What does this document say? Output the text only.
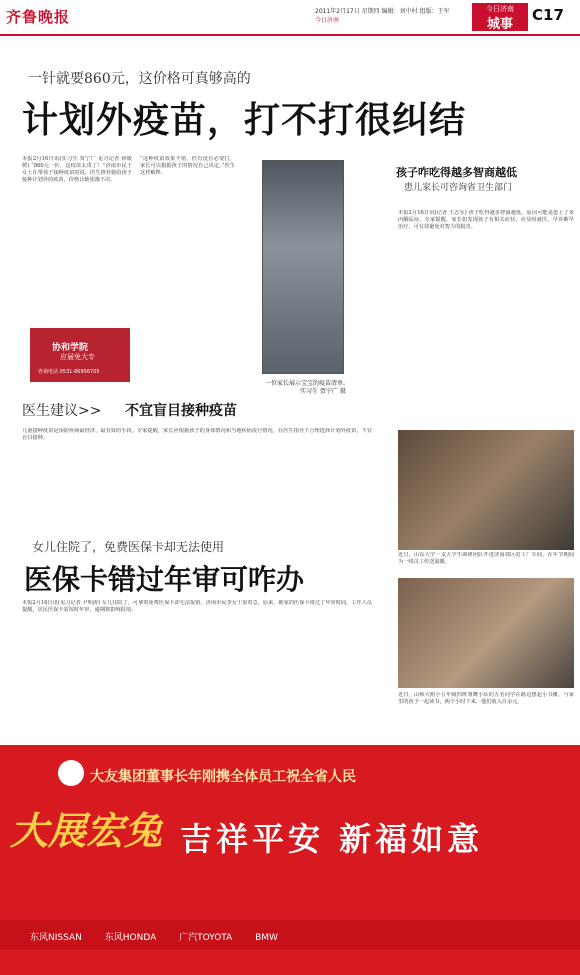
齐鲁晚报	2011年2月17日 星期四 编辑：刘中村 组版：王军
今日济南
今日济南
城事
C17
一针就要860元，这价格可真够高的
计划外疫苗，打不打很纠结
本报2月16日讯(实习生 贾宁广 见习记者 林媛媛) “860元一针，这疫苗太贵了！”济南市民王女士在带孩子接种疫苗时说，医生推荐她给孩子接种计划外的疫苗，价格让她犹豫不决。
“这种疫苗效果不错，但有没有必要打，家长可以根据孩子的情况自己决定。”医生这样解释。
一位家长展示宝宝的疫苗清单。
实习生 贾宁广 摄
协和学院
应届免大专
咨询电话 0531-86956705
医生建议>> 不宜盲目接种疫苗
儿童接种疫苗是预防疾病最经济、最有效的手段。专家提醒，家长应根据孩子的身体情况和当地疾病流行情况，在医生指导下合理选择计划外疫苗，不宜盲目接种。
女儿住院了，免费医保卡却无法使用
医保卡错过年审可咋办
本报2月16日讯(见习记者 尹明涛) 女儿住院了，可拿着免费医保卡却无法报销，济南市民李女士很着急。原来，她家的医保卡错过了年审时间。工作人员提醒，居民医保卡需按时年审，逾期将影响报销。
孩子咋吃得越多智商越低
患儿家长可咨询省卫生部门
本报2月16日讯(记者 王志军) 孩子吃得越多智商越低，原因可能是患上了苯丙酮尿症。专家提醒，家长如发现孩子有相关症状，应及时就医，早诊断早治疗，可有效避免对智力的损害。
近日，山东大学一支大学生调研团队开进济南郊区的工厂车间，在年节期间为一线员工传送温暖。
近日，山师大附小五年级四班雏鹰小队的五名同学在路边摆起小书摊，与家里的孩子一起读书，两个小时下来，他们收入百余元。
大友集团董事长年刚携全体员工祝全省人民
大展宏兔 吉祥平安 新福如意
东风NISSAN 东风HONDA 广汽TOYOTA BMW
